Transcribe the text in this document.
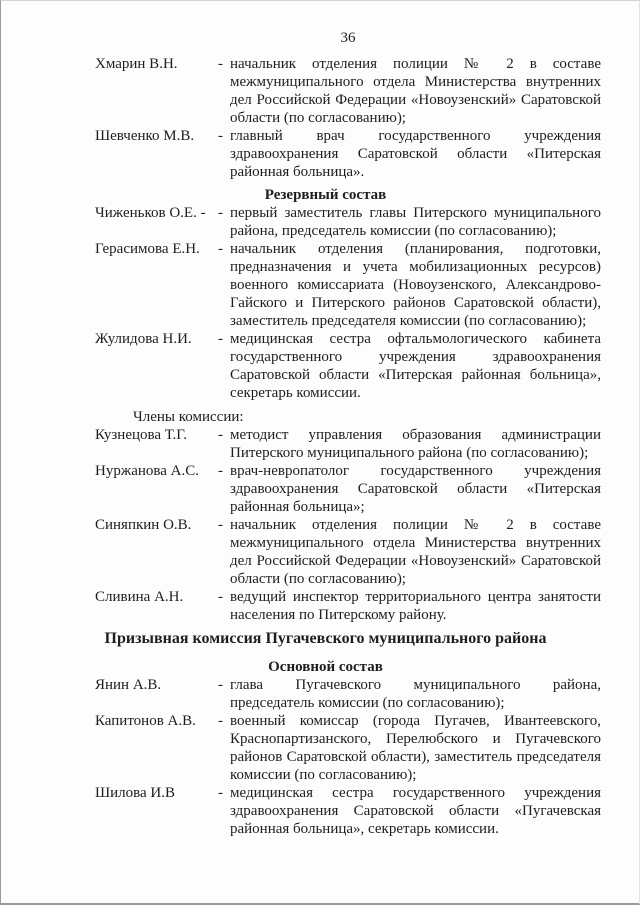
36
Хмарин В.Н.	- начальник отделения полиции № 2 в составе межмуниципального отдела Министерства внутренних дел Российской Федерации «Новоузенский» Саратовской области (по согласованию);
Шевченко М.В.	- главный врач государственного учреждения здравоохранения Саратовской области «Питерская районная больница».
Резервный состав
Чиженьков О.Е. - - первый заместитель главы Питерского муниципального района, председатель комиссии (по согласованию);
Герасимова Е.Н.	- начальник отделения (планирования, подготовки, предназначения и учета мобилизационных ресурсов) военного комиссариата (Новоузенского, Александрово-Гайского и Питерского районов Саратовской области), заместитель председателя комиссии (по согласованию);
Жулидова Н.И.	- медицинская сестра офтальмологического кабинета государственного учреждения здравоохранения Саратовской области «Питерская районная больница», секретарь комиссии.
Члены комиссии:
Кузнецова Т.Г.	- методист управления образования администрации Питерского муниципального района (по согласованию);
Нуржанова А.С.	- врач-невропатолог государственного учреждения здравоохранения Саратовской области «Питерская районная больница»;
Синяпкин О.В.	- начальник отделения полиции № 2 в составе межмуниципального отдела Министерства внутренних дел Российской Федерации «Новоузенский» Саратовской области (по согласованию);
Сливина А.Н.	- ведущий инспектор территориального центра занятости населения по Питерскому району.
Призывная комиссия Пугачевского муниципального района
Основной состав
Янин А.В.	- глава Пугачевского муниципального района, председатель комиссии (по согласованию);
Капитонов А.В.	- военный комиссар (города Пугачев, Ивантеевского, Краснопартизанского, Перелюбского и Пугачевского районов Саратовской области), заместитель председателя комиссии (по согласованию);
Шилова И.В	- медицинская сестра государственного учреждения здравоохранения Саратовской области «Пугачевская районная больница», секретарь комиссии.
